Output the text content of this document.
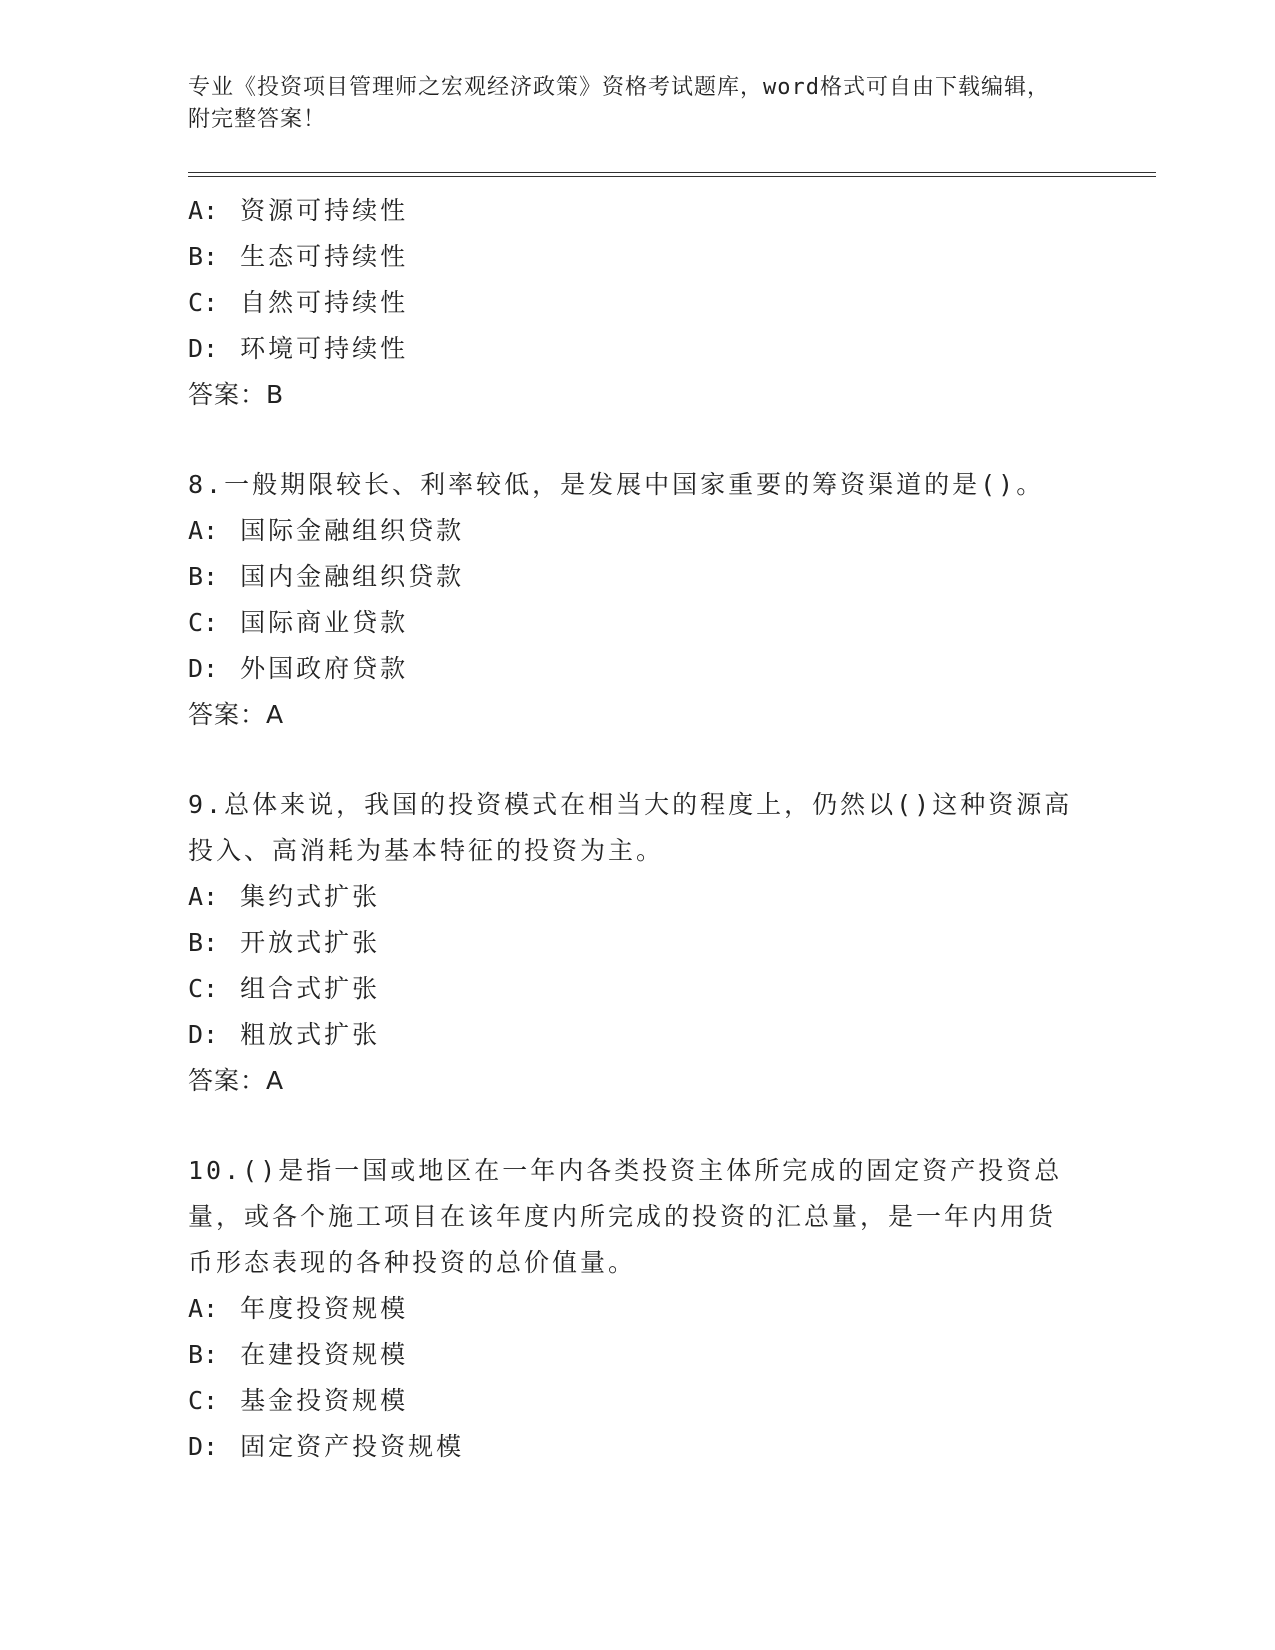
专业《投资项目管理师之宏观经济政策》资格考试题库，word格式可自由下载编辑，附完整答案！
A: 资源可持续性
B: 生态可持续性
C: 自然可持续性
D: 环境可持续性
答案：B
8.一般期限较长、利率较低，是发展中国家重要的筹资渠道的是()。
A: 国际金融组织贷款
B: 国内金融组织贷款
C: 国际商业贷款
D: 外国政府贷款
答案：A
9.总体来说，我国的投资模式在相当大的程度上，仍然以()这种资源高投入、高消耗为基本特征的投资为主。
A: 集约式扩张
B: 开放式扩张
C: 组合式扩张
D: 粗放式扩张
答案：A
10.()是指一国或地区在一年内各类投资主体所完成的固定资产投资总量，或各个施工项目在该年度内所完成的投资的汇总量，是一年内用货币形态表现的各种投资的总价值量。
A: 年度投资规模
B: 在建投资规模
C: 基金投资规模
D: 固定资产投资规模
